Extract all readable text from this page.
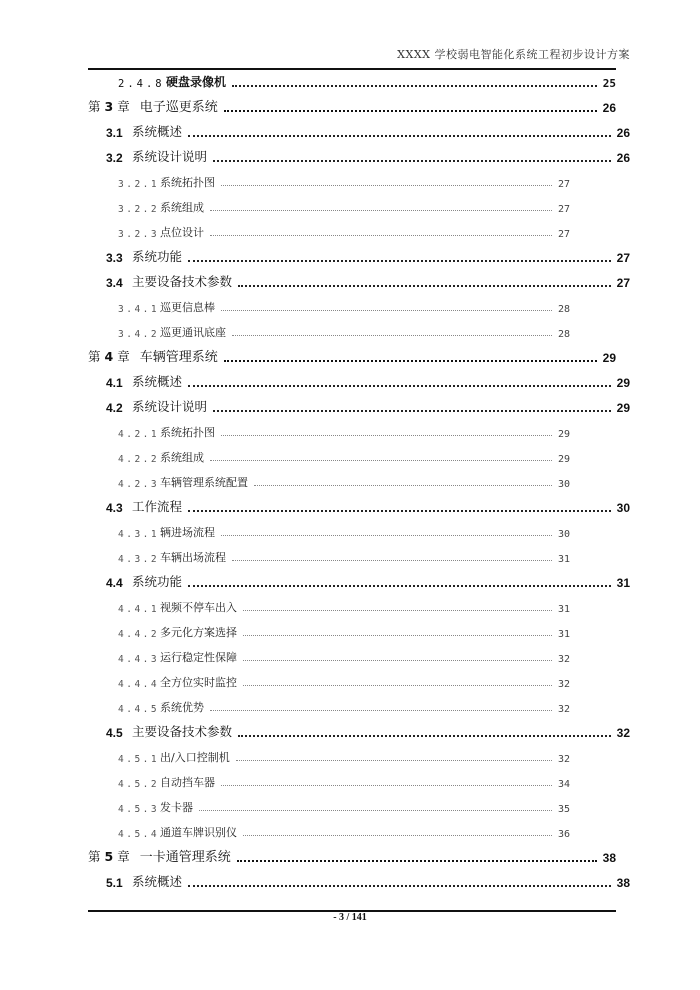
XXXX 学校弱电智能化系统工程初步设计方案
2.4.8 硬盘录像机	25
第 3 章 电子巡更系统	26
3.1 系统概述	26
3.2 系统设计说明	26
3.2.1 系统拓扑图	27
3.2.2 系统组成	27
3.2.3 点位设计	27
3.3 系统功能	27
3.4 主要设备技术参数	27
3.4.1 巡更信息棒	28
3.4.2 巡更通讯底座	28
第 4 章 车辆管理系统	29
4.1 系统概述	29
4.2 系统设计说明	29
4.2.1 系统拓扑图	29
4.2.2 系统组成	29
4.2.3 车辆管理系统配置	30
4.3 工作流程	30
4.3.1 辆进场流程	30
4.3.2 车辆出场流程	31
4.4 系统功能	31
4.4.1 视频不停车出入	31
4.4.2 多元化方案选择	31
4.4.3 运行稳定性保障	32
4.4.4 全方位实时监控	32
4.4.5 系统优势	32
4.5 主要设备技术参数	32
4.5.1 出/入口控制机	32
4.5.2 自动挡车器	34
4.5.3 发卡器	35
4.5.4 通道车牌识别仪	36
第 5 章 一卡通管理系统	38
5.1 系统概述	38
- 3 / 141
